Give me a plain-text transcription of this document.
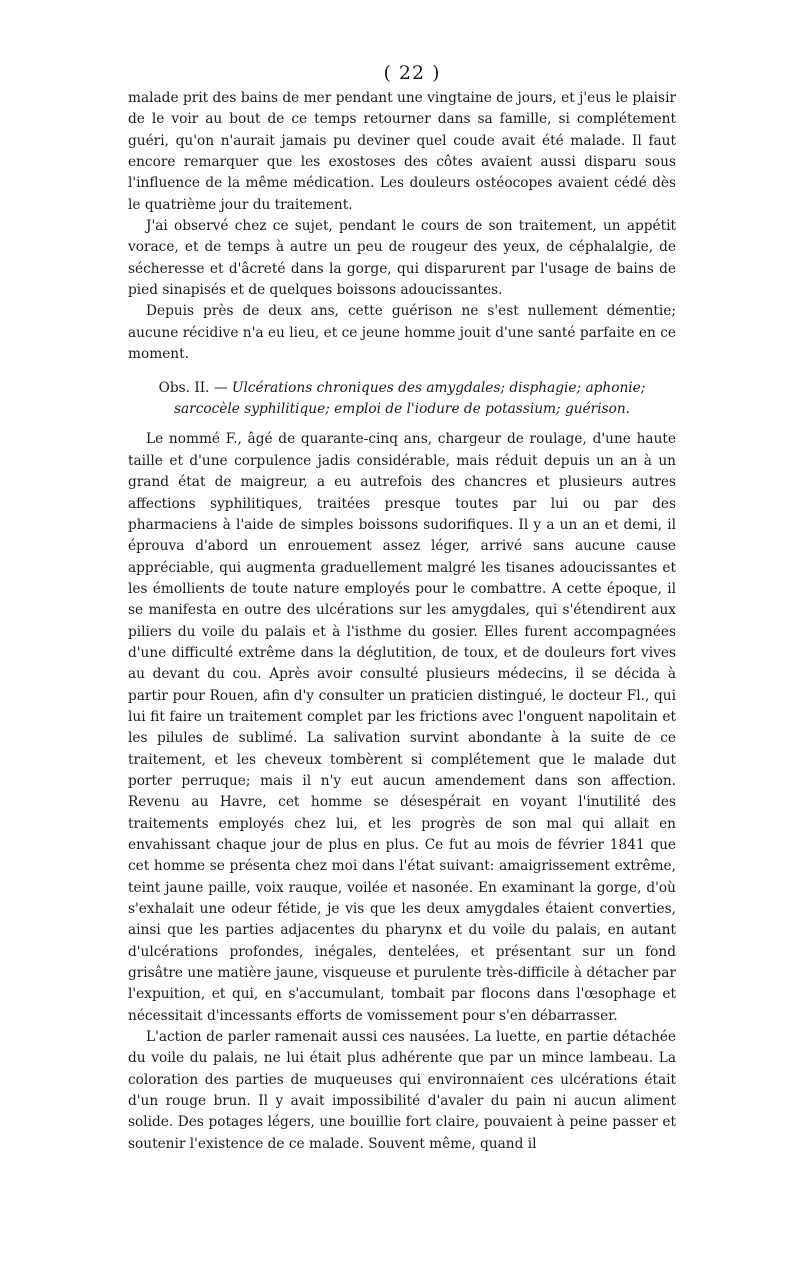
( 22 )

malade prit des bains de mer pendant une vingtaine de jours, et j'eus le plaisir de le voir au bout de ce temps retourner dans sa famille, si complétement guéri, qu'on n'aurait jamais pu deviner quel coude avait été malade. Il faut encore remarquer que les exostoses des côtes avaient aussi disparu sous l'influence de la même médication. Les douleurs ostéocopes avaient cédé dès le quatrième jour du traitement.

J'ai observé chez ce sujet, pendant le cours de son traitement, un appétit vorace, et de temps à autre un peu de rougeur des yeux, de céphalalgie, de sécheresse et d'âcreté dans la gorge, qui disparurent par l'usage de bains de pied sinapisés et de quelques boissons adoucissantes.

Depuis près de deux ans, cette guérison ne s'est nullement démentie; aucune récidive n'a eu lieu, et ce jeune homme jouit d'une santé parfaite en ce moment.

Obs. II. — Ulcérations chroniques des amygdales; disphagie; aphonie; sarcocèle syphilitique; emploi de l'iodure de potassium; guérison.

Le nommé F., âgé de quarante-cinq ans, chargeur de roulage, d'une haute taille et d'une corpulence jadis considérable, mais réduit depuis un an à un grand état de maigreur, a eu autrefois des chancres et plusieurs autres affections syphilitiques, traitées presque toutes par lui ou par des pharmaciens à l'aide de simples boissons sudorifiques. Il y a un an et demi, il éprouva d'abord un enrouement assez léger, arrivé sans aucune cause appréciable, qui augmenta graduellement malgré les tisanes adoucissantes et les émollients de toute nature employés pour le combattre. A cette époque, il se manifesta en outre des ulcérations sur les amygdales, qui s'étendirent aux piliers du voile du palais et à l'isthme du gosier. Elles furent accompagnées d'une difficulté extrême dans la déglutition, de toux, et de douleurs fort vives au devant du cou. Après avoir consulté plusieurs médecins, il se décida à partir pour Rouen, afin d'y consulter un praticien distingué, le docteur Fl., qui lui fit faire un traitement complet par les frictions avec l'onguent napolitain et les pilules de sublimé. La salivation survint abondante à la suite de ce traitement, et les cheveux tombèrent si complétement que le malade dut porter perruque; mais il n'y eut aucun amendement dans son affection. Revenu au Havre, cet homme se désespérait en voyant l'inutilité des traitements employés chez lui, et les progrès de son mal qui allait en envahissant chaque jour de plus en plus. Ce fut au mois de février 1841 que cet homme se présenta chez moi dans l'état suivant: amaigrissement extrême, teint jaune paille, voix rauque, voilée et nasonée. En examinant la gorge, d'où s'exhalait une odeur fétide, je vis que les deux amygdales étaient converties, ainsi que les parties adjacentes du pharynx et du voile du palais, en autant d'ulcérations profondes, inégales, dentelées, et présentant sur un fond grisâtre une matière jaune, visqueuse et purulente très-difficile à détacher par l'expuition, et qui, en s'accumulant, tombait par flocons dans l'œsophage et nécessitait d'incessants efforts de vomissement pour s'en débarrasser.

L'action de parler ramenait aussi ces nausées. La luette, en partie détachée du voile du palais, ne lui était plus adhérente que par un mince lambeau. La coloration des parties de muqueuses qui environnaient ces ulcérations était d'un rouge brun. Il y avait impossibilité d'avaler du pain ni aucun aliment solide. Des potages légers, une bouillie fort claire, pouvaient à peine passer et soutenir l'existence de ce malade. Souvent même, quand il
